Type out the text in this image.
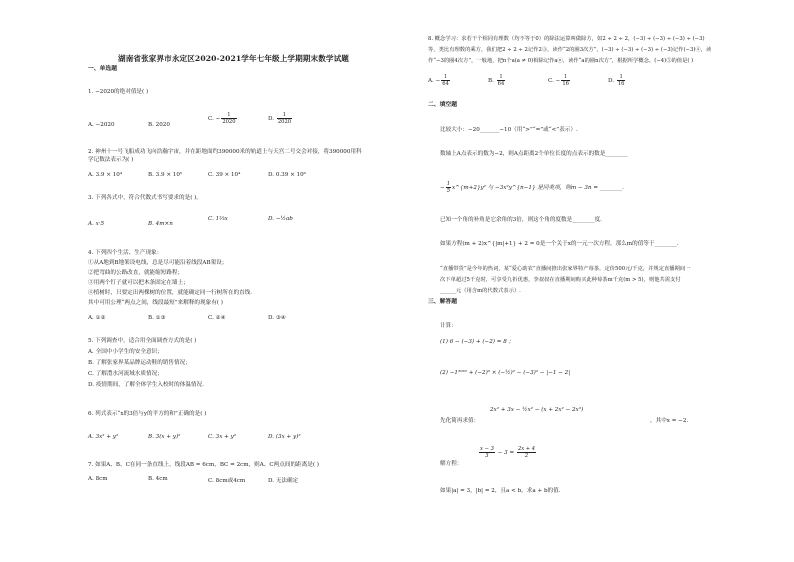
湖南省张家界市永定区2020-2021学年七年级上学期期末数学试题
一、单选题
1. −2020的绝对值是( )
A. −2020	B. 2020
C. − $\frac{1}{2020}$	D. $\frac{1}{2020}$
2. 神州十一号飞船成功飞向浩瀚宇宙，并在距地面约390000米的轨道上与天宫二号交会对接，将390000用科
学记数法表示为( )
A. 3.9 × 10⁴	B. 3.9 × 10⁵	C. 39 × 10⁴	D. 0.39 × 10⁶
3. 下列各式中，符合代数式书写要求的是( )。
A. x·5	B. 4m×n
C. 1⅔x	D. −½ab
4. 下列四个生活、生产现象：
①从A地到B地架设电线，总是尽可能沿着线段AB架设；
②把弯曲的公路改直，就能缩短路程；
③用两个钉子就可以把木条固定在墙上；
④植树时，只要定出两棵树的位置，就能确定同一行树所在的直线.
其中可用公理“两点之间，线段最短”来解释的现象有( )
A. ①②	B. ①③	C. ②④	D. ③④
5. 下列调查中，适合用全面调查方式的是( )
A. 全国中小学生的安全意识；
B. 了解张家界某品牌运动鞋的销售情况；
C. 了解澧水河流域水质情况；
D. 疫情期间，了解全体学生入校时的体温情况.
6. 列式表示“x的3倍与y的平方的和”正确的是( )
A. 3x² + y²	B. 3(x + y)²	C. 3x + y²	D. (3x + y)²
7. 如果A、B、C在同一条直线上，线段AB = 6cm，BC = 2cm，则A、C两点间的距离是( )
A. 8cm	B. 4cm	C. 8cm或4cm	D. 无法确定
8. 概念学习：求若干个相同有理数（均不等于0）的除法运算叫做除方，如2 ÷ 2 ÷ 2，(−3) ÷ (−3) ÷ (−3) ÷ (−3)
等，类比有理数的乘方，我们把2 ÷ 2 ÷ 2记作2③，读作“2的圈3次方”，(−3) ÷ (−3) ÷ (−3) ÷ (−3)记作(−3)④，读
作“−3的圈4次方”，一般地，把n个a(a ≠ 0)相除记作aⓝ，读作“a的圈n次方”，根据所学概念，(−4)⑤的值是( )
A. − $\frac{1}{64}$	B. $\frac{1}{64}$	C. − $\frac{1}{16}$	D. $\frac{1}{16}$
二、填空题
比较大小：−20_______−10（用“>”“=”或“<”表示）.
数轴上A点表示的数为−2，则A点距离2个单位长度的点表示的数是________
− $\frac{1}{5}$ x^{m+2}y² 与 −3x²y^{n−1} 是同类项，则m − 3n = ________.
已知一个角的补角是它余角的3倍，则这个角的度数是________度.
如果方程(m + 2)x^{|m|+1} + 2 = 0是一个关于x的一元一次方程，那么m的值等于________.
“直播带货”是今年的热词，某“爱心助农”直播间推出张家界特产莓茶，定价500元/千克，并规定直播期间一
次下单超过5千克时，可享受九折优惠，李叔叔在直播期间购买此种莓茶m千克(m > 5)，则他共需支付
______元（用含m的代数式表示）.
三、解答题
计算：
(1) 6 − (−3) + (−2) = 8 ；
(2) −1²⁰²⁰ + (−2)³ × (−½)² − (−3)² − |−1 − 2|
先化简再求值：
2x² + 3x − ½x² − (x + 2x² − 2x³)
，其中x = −2.
解方程：
$\frac{x - 3}{3} - 3 = \frac{2x + 4}{2}$
如果|a| = 3，|b| = 2，且a < b，求a + b的值.
